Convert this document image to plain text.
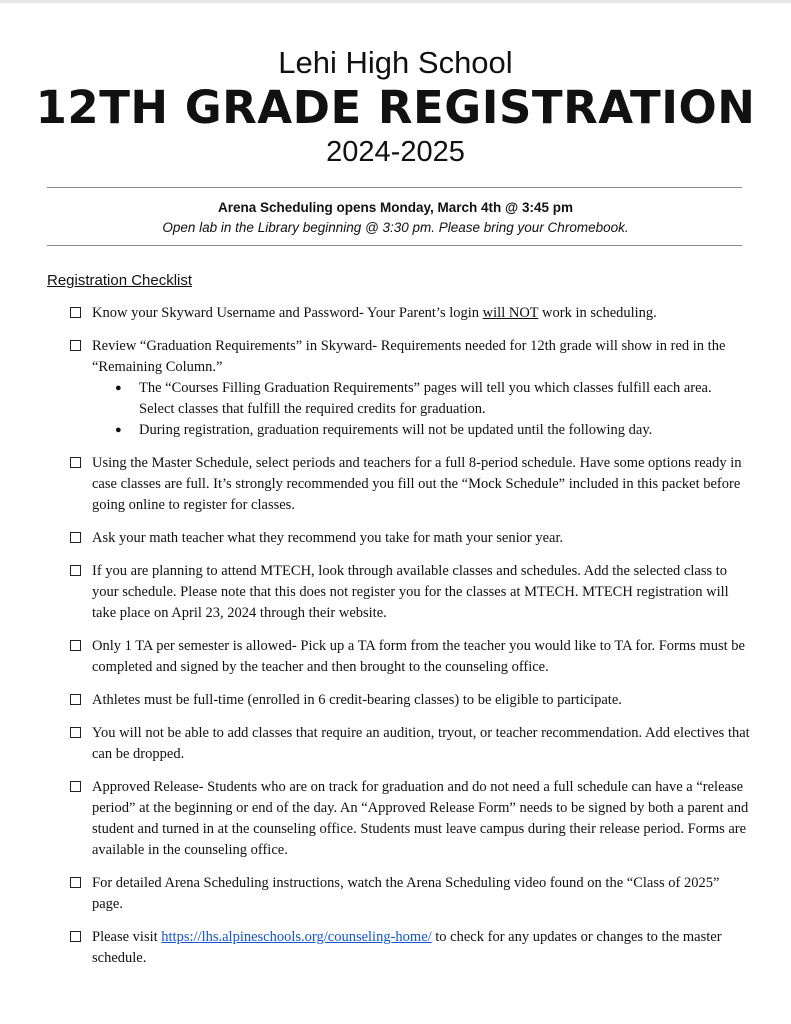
Lehi High School
12TH GRADE REGISTRATION
2024-2025
Arena Scheduling opens Monday, March 4th @ 3:45 pm
Open lab in the Library beginning @ 3:30 pm. Please bring your Chromebook.
Registration Checklist
Know your Skyward Username and Password- Your Parent’s login will NOT work in scheduling.
Review “Graduation Requirements” in Skyward- Requirements needed for 12th grade will show in red in the “Remaining Column.”
● The “Courses Filling Graduation Requirements” pages will tell you which classes fulfill each area. Select classes that fulfill the required credits for graduation.
● During registration, graduation requirements will not be updated until the following day.
Using the Master Schedule, select periods and teachers for a full 8-period schedule. Have some options ready in case classes are full. It’s strongly recommended you fill out the “Mock Schedule” included in this packet before going online to register for classes.
Ask your math teacher what they recommend you take for math your senior year.
If you are planning to attend MTECH, look through available classes and schedules. Add the selected class to your schedule. Please note that this does not register you for the classes at MTECH. MTECH registration will take place on April 23, 2024 through their website.
Only 1 TA per semester is allowed- Pick up a TA form from the teacher you would like to TA for. Forms must be completed and signed by the teacher and then brought to the counseling office.
Athletes must be full-time (enrolled in 6 credit-bearing classes) to be eligible to participate.
You will not be able to add classes that require an audition, tryout, or teacher recommendation. Add electives that can be dropped.
Approved Release- Students who are on track for graduation and do not need a full schedule can have a “release period” at the beginning or end of the day. An “Approved Release Form” needs to be signed by both a parent and student and turned in at the counseling office. Students must leave campus during their release period. Forms are available in the counseling office.
For detailed Arena Scheduling instructions, watch the Arena Scheduling video found on the “Class of 2025” page.
Please visit https://lhs.alpineschools.org/counseling-home/ to check for any updates or changes to the master schedule.
